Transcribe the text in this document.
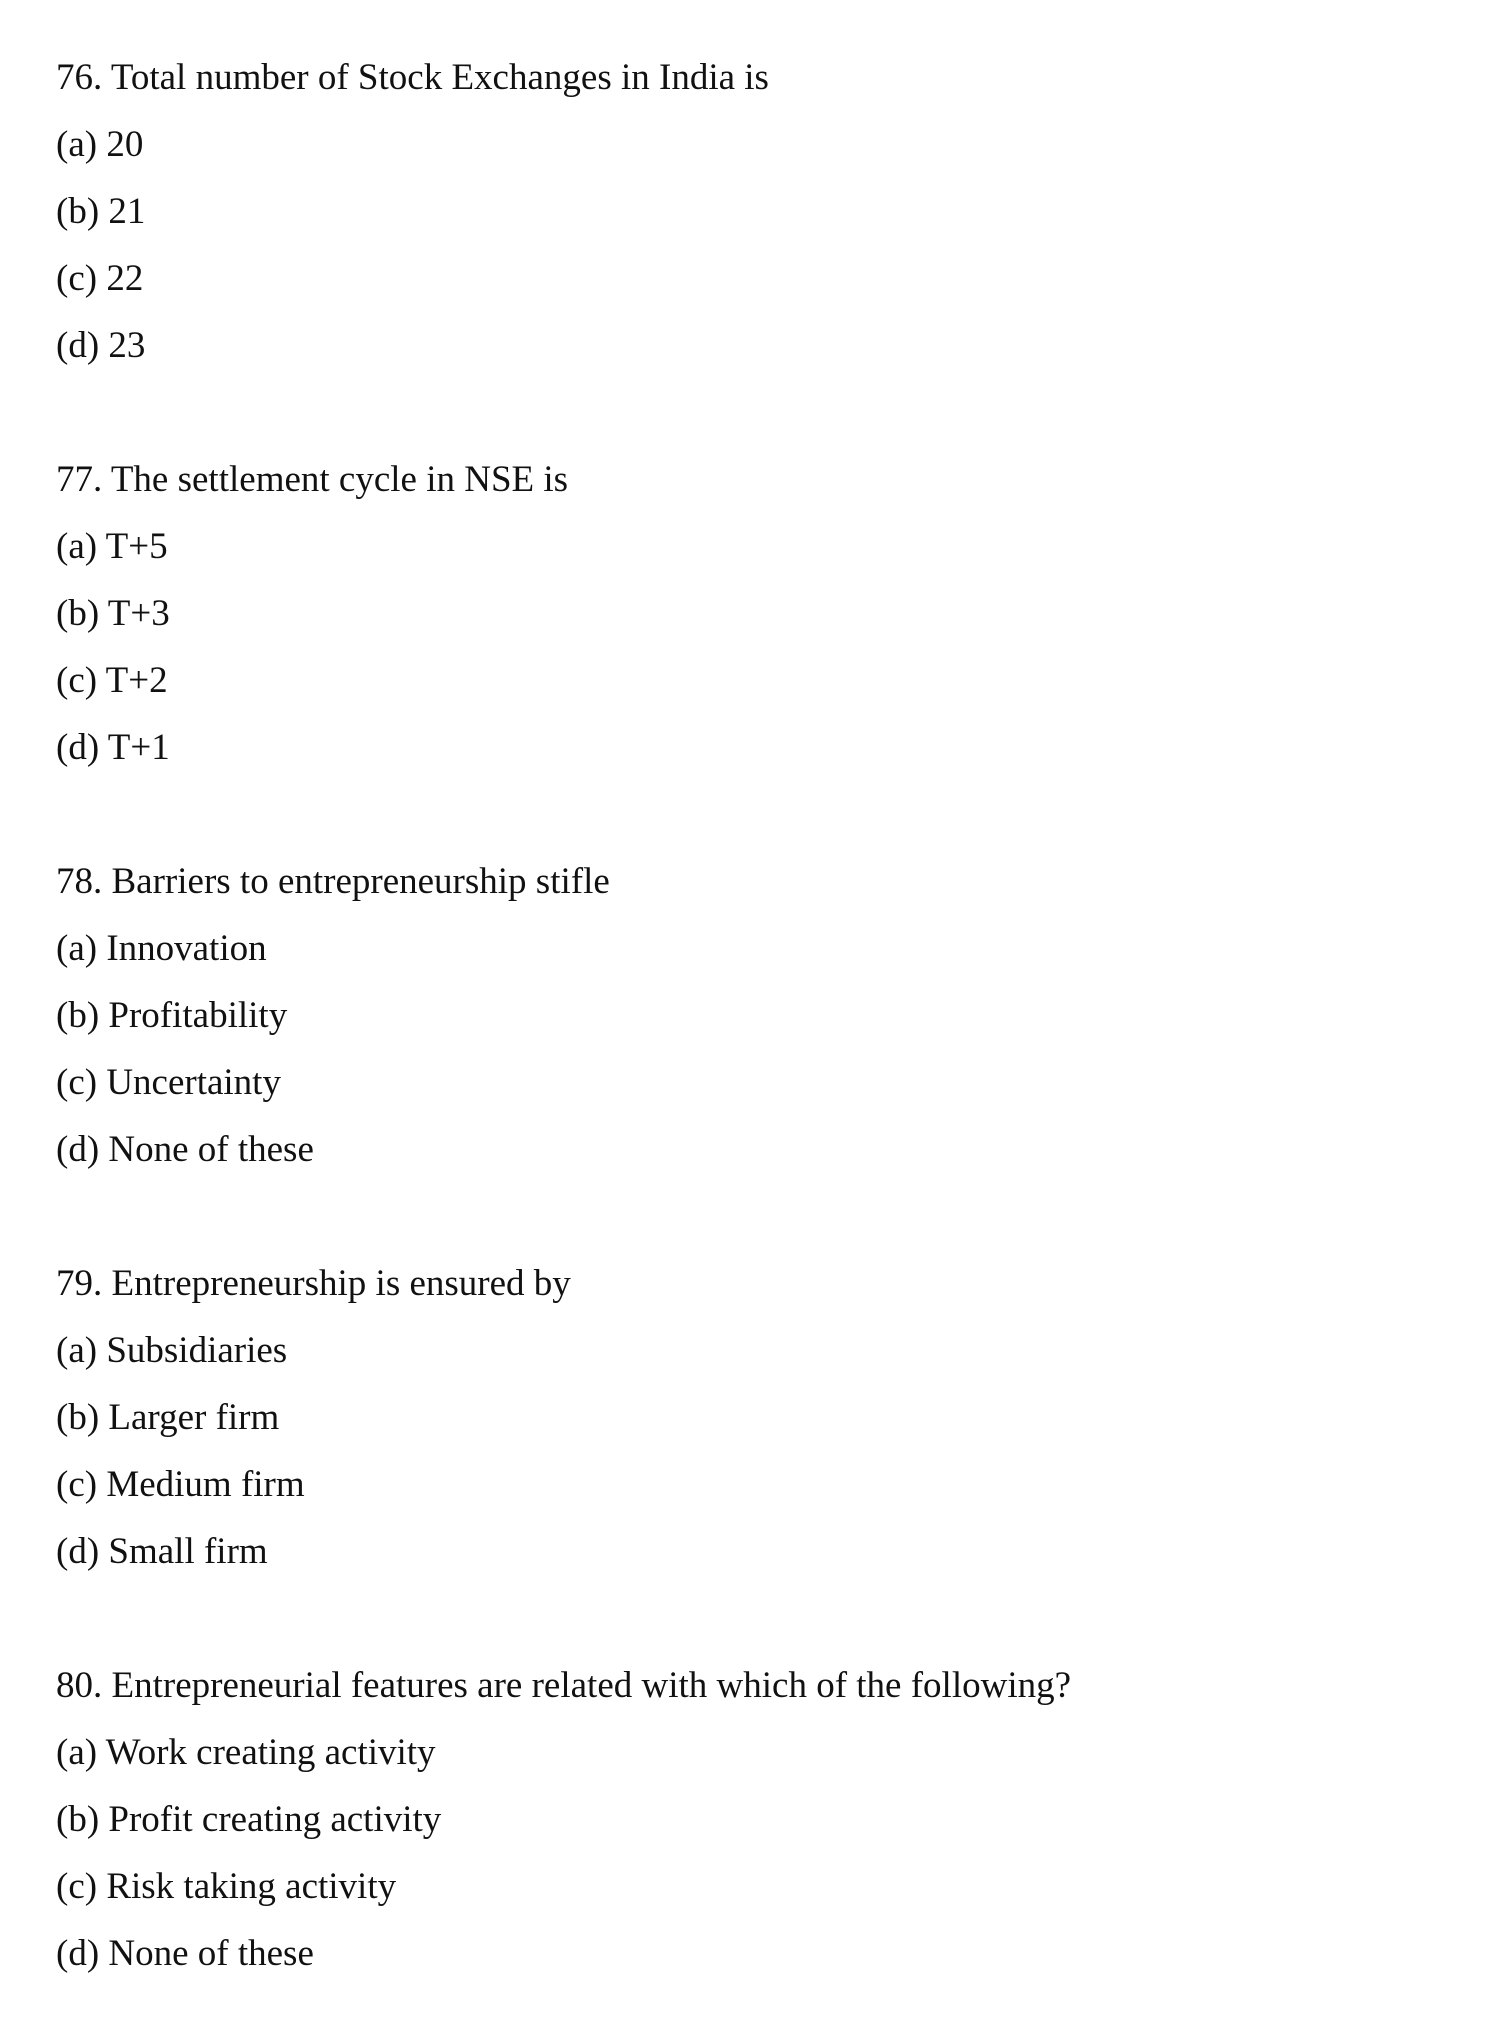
76. Total number of Stock Exchanges in India is
(a) 20
(b) 21
(c) 22
(d) 23
77. The settlement cycle in NSE is
(a) T+5
(b) T+3
(c) T+2
(d) T+1
78. Barriers to entrepreneurship stifle
(a) Innovation
(b) Profitability
(c) Uncertainty
(d) None of these
79. Entrepreneurship is ensured by
(a) Subsidiaries
(b) Larger firm
(c) Medium firm
(d) Small firm
80. Entrepreneurial features are related with which of the following?
(a) Work creating activity
(b) Profit creating activity
(c) Risk taking activity
(d) None of these
